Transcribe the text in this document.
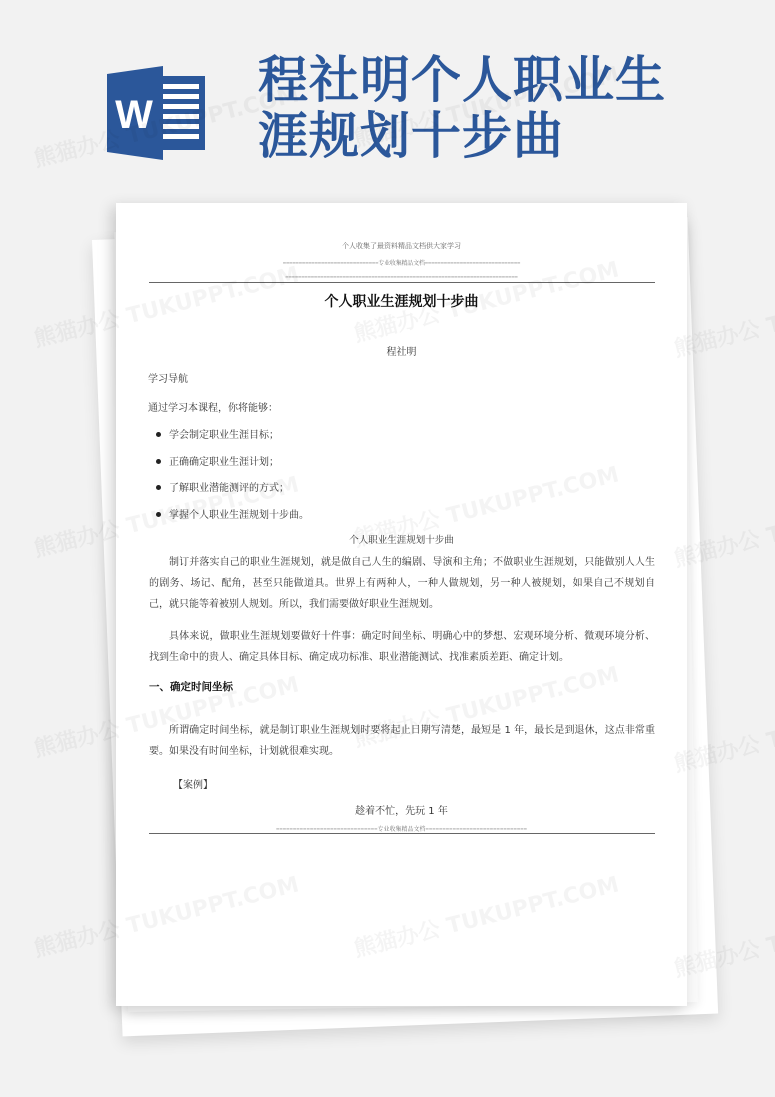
W
程社明个人职业生
涯规划十步曲
个人收集了最资料精品文档供大家学习
==============================专业收集精品文档==============================
=========================================================================
个人职业生涯规划十步曲
程社明
学习导航
通过学习本课程，你将能够：
学会制定职业生涯目标；
正确确定职业生涯计划；
了解职业潜能测评的方式；
掌握个人职业生涯规划十步曲。
个人职业生涯规划十步曲
制订并落实自己的职业生涯规划，就是做自己人生的编剧、导演和主角；不做职业生涯规划，只能做别人人生的剧务、场记、配角，甚至只能做道具。世界上有两种人，一种人做规划，另一种人被规划，如果自己不规划自己，就只能等着被别人规划。所以，我们需要做好职业生涯规划。
具体来说，做职业生涯规划要做好十件事：确定时间坐标、明确心中的梦想、宏观环境分析、微观环境分析、找到生命中的贵人、确定具体目标、确定成功标准、职业潜能测试、找准素质差距、确定计划。
一、确定时间坐标
所谓确定时间坐标，就是制订职业生涯规划时要将起止日期写清楚，最短是 1 年，最长是到退休，这点非常重要。如果没有时间坐标，计划就很难实现。
【案例】
趁着不忙，先玩 1 年
==============================专业收集精品文档==============================
